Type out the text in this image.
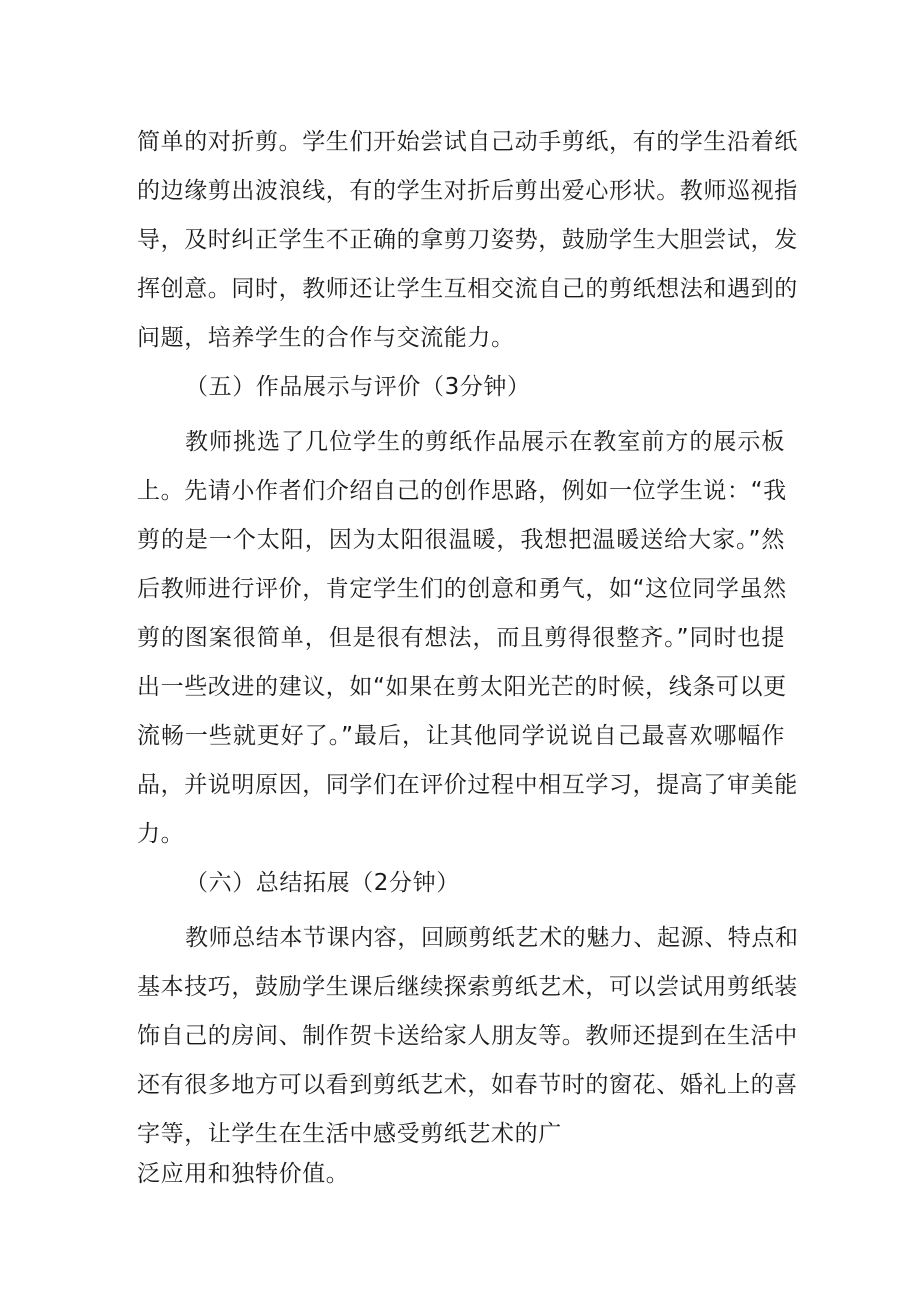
简单的对折剪。学生们开始尝试自己动手剪纸，有的学生沿着纸
的边缘剪出波浪线，有的学生对折后剪出爱心形状。教师巡视指
导，及时纠正学生不正确的拿剪刀姿势，鼓励学生大胆尝试，发
挥创意。同时，教师还让学生互相交流自己的剪纸想法和遇到的
问题，培养学生的合作与交流能力。
（五）作品展示与评价（3分钟）
教师挑选了几位学生的剪纸作品展示在教室前方的展示板
上。先请小作者们介绍自己的创作思路，例如一位学生说：“我
剪的是一个太阳，因为太阳很温暖，我想把温暖送给大家。”然
后教师进行评价，肯定学生们的创意和勇气，如“这位同学虽然
剪的图案很简单，但是很有想法，而且剪得很整齐。”同时也提
出一些改进的建议，如“如果在剪太阳光芒的时候，线条可以更
流畅一些就更好了。”最后，让其他同学说说自己最喜欢哪幅作
品，并说明原因，同学们在评价过程中相互学习，提高了审美能
力。
（六）总结拓展（2分钟）
教师总结本节课内容，回顾剪纸艺术的魅力、起源、特点和
基本技巧，鼓励学生课后继续探索剪纸艺术，可以尝试用剪纸装
饰自己的房间、制作贺卡送给家人朋友等。教师还提到在生活中
还有很多地方可以看到剪纸艺术，如春节时的窗花、婚礼上的喜
字等，让学生在生活中感受剪纸艺术的广
泛应用和独特价值。
